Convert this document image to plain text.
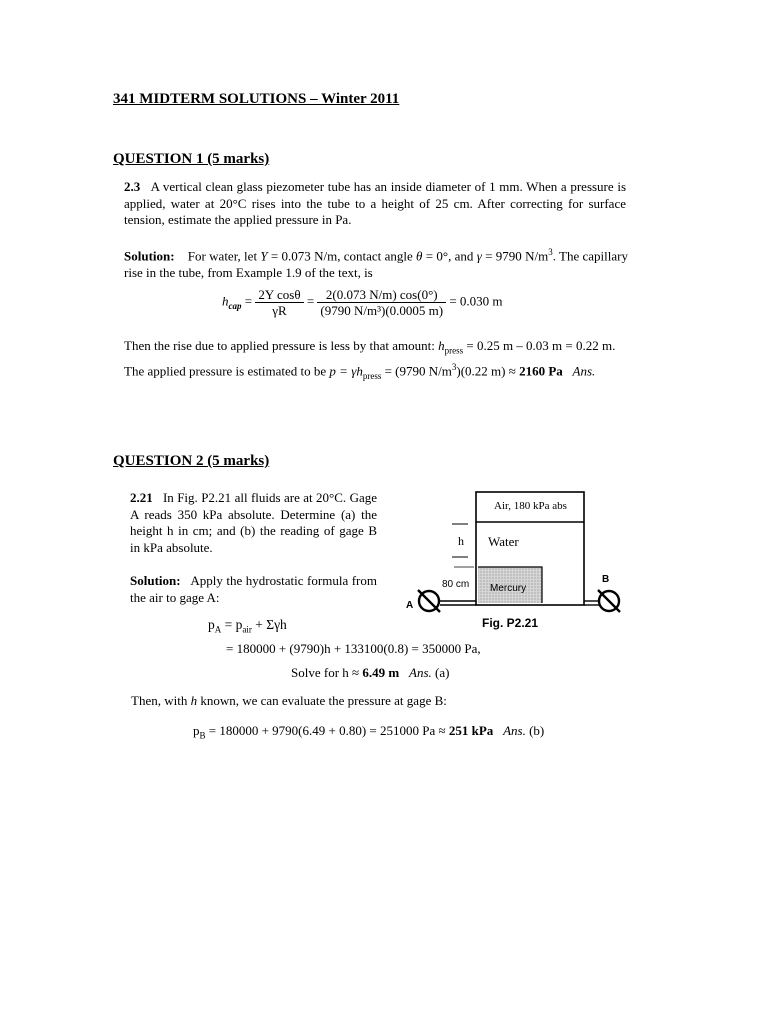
341 MIDTERM SOLUTIONS – Winter 2011
QUESTION 1 (5 marks)
2.3 A vertical clean glass piezometer tube has an inside diameter of 1 mm. When a pressure is applied, water at 20°C rises into the tube to a height of 25 cm. After correcting for surface tension, estimate the applied pressure in Pa.
Solution: For water, let Y = 0.073 N/m, contact angle θ = 0°, and γ = 9790 $N/m^3$. The capillary rise in the tube, from Example 1.9 of the text, is
$h_{cap} = \frac{\text{2Y cosθ}}{\gamma R} = \frac{2(0.073 N/m) \cos(0^\circ)}{\text{(9790 N/m³)(0.0005 m)}} = 0.030$ m
Then the rise due to applied pressure is less by that amount: $h_{press} = 0.25$ m – 0.03 m = 0.22 m.
The applied pressure is estimated to be $p = \gamma h_{press} = (9790$ $N/m^3)(0.22$ m) ≈ 2160 Pa Ans.
QUESTION 2 (5 marks)
2.21 In Fig. P2.21 all fluids are at 20°C. Gage A reads 350 kPa absolute. Determine (a) the height h in cm; and (b) the reading of gage B in kPa absolute.
Solution: Apply the hydrostatic formula from the air to gage A:
$p_A = p_{air} + \Sigma\gamma h$
= 180000 + (9790)h + 133100(0.8) = 350000 Pa,
Solve for h ≈ 6.49 m Ans. (a)
Then, with h known, we can evaluate the pressure at gage B:
$p_B = 180000 + 9790(6.49 + 0.80) = 251000$ Pa ≈ 251 kPa Ans. (b)
Air, 180 kPa abs
Water
h
Mercury
80 cm
A
B
Fig. P2.21
